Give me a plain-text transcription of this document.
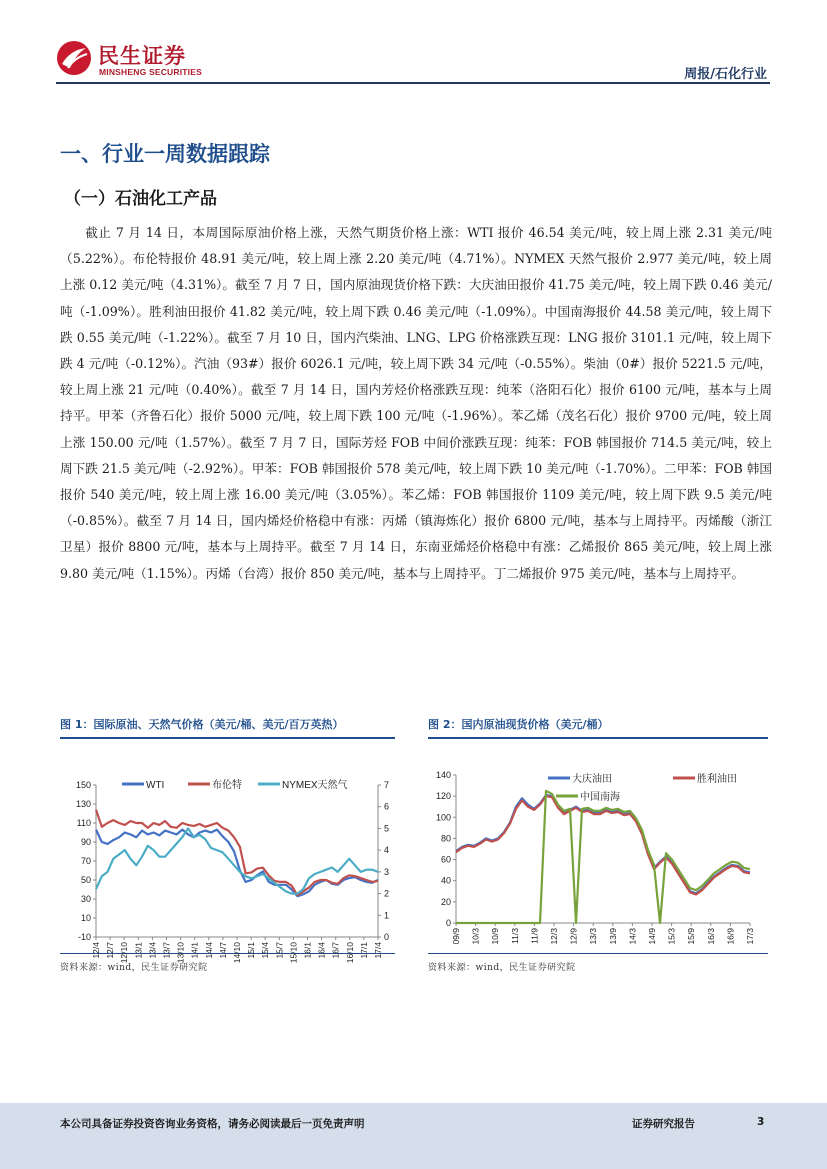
民生证券
MINSHENG SECURITIES	周报/石化行业
一、行业一周数据跟踪
（一）石油化工产品

截止 7 月 14 日，本周国际原油价格上涨，天然气期货价格上涨：WTI 报价 46.54 美元/吨，较上周上涨 2.31 美元/吨（5.22%）。布伦特报价 48.91 美元/吨，较上周上涨 2.20 美元/吨（4.71%）。NYMEX 天然气报价 2.977 美元/吨，较上周上涨 0.12 美元/吨（4.31%）。截至 7 月 7 日，国内原油现货价格下跌：大庆油田报价 41.75 美元/吨，较上周下跌 0.46 美元/吨（-1.09%）。胜利油田报价 41.82 美元/吨，较上周下跌 0.46 美元/吨（-1.09%）。中国南海报价 44.58 美元/吨，较上周下跌 0.55 美元/吨（-1.22%）。截至 7 月 10 日，国内汽柴油、LNG、LPG 价格涨跌互现：LNG 报价 3101.1 元/吨，较上周下跌 4 元/吨（-0.12%）。汽油（93#）报价 6026.1 元/吨，较上周下跌 34 元/吨（-0.55%）。柴油（0#）报价 5221.5 元/吨，较上周上涨 21 元/吨（0.40%）。截至 7 月 14 日，国内芳烃价格涨跌互现：纯苯（洛阳石化）报价 6100 元/吨，基本与上周持平。甲苯（齐鲁石化）报价 5000 元/吨，较上周下跌 100 元/吨（-1.96%）。苯乙烯（茂名石化）报价 9700 元/吨，较上周上涨 150.00 元/吨（1.57%）。截至 7 月 7 日，国际芳烃 FOB 中间价涨跌互现：纯苯：FOB 韩国报价 714.5 美元/吨，较上周下跌 21.5 美元/吨（-2.92%）。甲苯：FOB 韩国报价 578 美元/吨，较上周下跌 10 美元/吨（-1.70%）。二甲苯：FOB 韩国报价 540 美元/吨，较上周上涨 16.00 美元/吨（3.05%）。苯乙烯：FOB 韩国报价 1109 美元/吨，较上周下跌 9.5 美元/吨（-0.85%）。截至 7 月 14 日，国内烯烃价格稳中有涨：丙烯（镇海炼化）报价 6800 元/吨，基本与上周持平。丙烯酸（浙江卫星）报价 8800 元/吨，基本与上周持平。截至 7 月 14 日，东南亚烯烃价格稳中有涨：乙烯报价 865 美元/吨，较上周上涨 9.80 美元/吨（1.15%）。丙烯（台湾）报价 850 美元/吨，基本与上周持平。丁二烯报价 975 美元/吨，基本与上周持平。

图 1：国际原油、天然气价格（美元/桶、美元/百万英热）
-10
10
30
50
70
90
110
130
150
0
1
2
3
4
5
6
7
12/4 12/7 12/10 13/1 13/4 13/7 13/10 14/1 14/4 14/7 14/10 15/1 15/4 15/7 15/10 16/1 16/4 16/7 16/10 17/1 17/4
WTI	布伦特	NYMEX天然气
资料来源：wind，民生证券研究院
图 2：国内原油现货价格（美元/桶）
0
20
40
60
80
100
120
140
09/9 10/3 10/9 11/3 11/9 12/3 12/9 13/3 13/9 14/3 14/9 15/3 15/9 16/3 16/9 17/3
大庆油田	胜利油田
中国南海
资料来源：wind，民生证券研究院
本公司具备证券投资咨询业务资格，请务必阅读最后一页免责声明	证券研究报告	3
